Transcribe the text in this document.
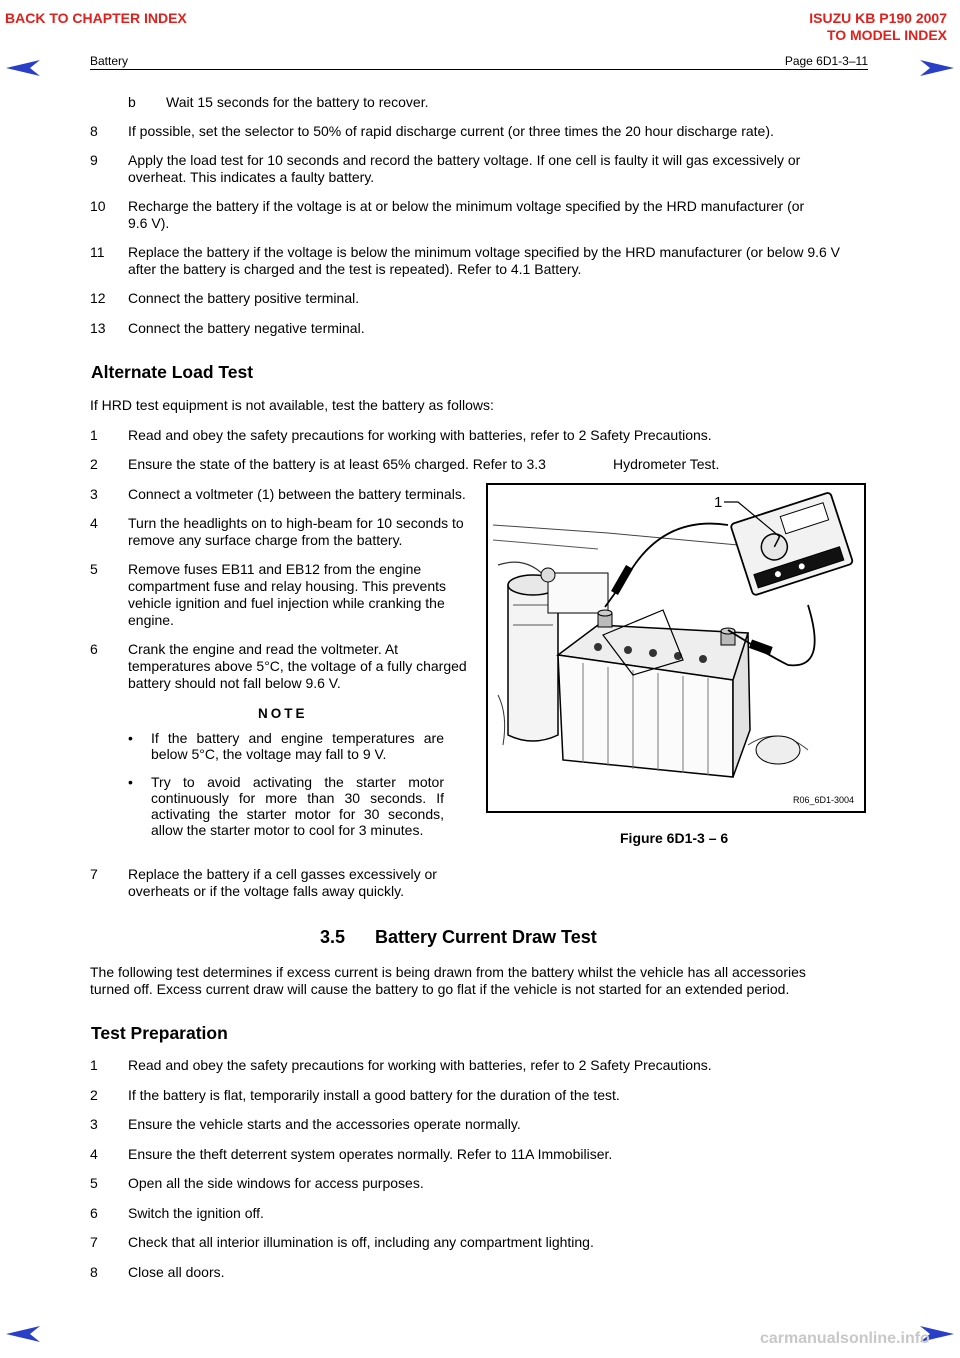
BACK TO CHAPTER INDEX	ISUZU KB P190 2007
TO MODEL INDEX
Battery	Page 6D1-3–11
b Wait 15 seconds for the battery to recover.
8 If possible, set the selector to 50% of rapid discharge current (or three times the 20 hour discharge rate).
9 Apply the load test for 10 seconds and record the battery voltage. If one cell is faulty it will gas excessively or
overheat. This indicates a faulty battery.
10 Recharge the battery if the voltage is at or below the minimum voltage specified by the HRD manufacturer (or
9.6 V).
11 Replace the battery if the voltage is below the minimum voltage specified by the HRD manufacturer (or below 9.6 V
after the battery is charged and the test is repeated). Refer to 4.1 Battery.
12 Connect the battery positive terminal.
13 Connect the battery negative terminal.
Alternate Load Test
If HRD test equipment is not available, test the battery as follows:
1 Read and obey the safety precautions for working with batteries, refer to 2 Safety Precautions.
2 Ensure the state of the battery is at least 65% charged. Refer to 3.3	Hydrometer Test.
3 Connect a voltmeter (1) between the battery terminals.
4 Turn the headlights on to high-beam for 10 seconds to
remove any surface charge from the battery.
5 Remove fuses EB11 and EB12 from the engine
compartment fuse and relay housing. This prevents
vehicle ignition and fuel injection while cranking the
engine.
6 Crank the engine and read the voltmeter. At
temperatures above 5°C, the voltage of a fully charged
battery should not fall below 9.6 V.
NOTE
• If the battery and engine temperatures are
below 5°C, the voltage may fall to 9 V.
• Try to avoid activating the starter motor
continuously for more than 30 seconds. If
activating the starter motor for 30 seconds,
allow the starter motor to cool for 3 minutes.
7 Replace the battery if a cell gasses excessively or
overheats or if the voltage falls away quickly.
1
R06_6D1-3004
Figure 6D1-3 – 6
3.5 Battery Current Draw Test
The following test determines if excess current is being drawn from the battery whilst the vehicle has all accessories
turned off. Excess current draw will cause the battery to go flat if the vehicle is not started for an extended period.
Test Preparation
1 Read and obey the safety precautions for working with batteries, refer to 2 Safety Precautions.
2 If the battery is flat, temporarily install a good battery for the duration of the test.
3 Ensure the vehicle starts and the accessories operate normally.
4 Ensure the theft deterrent system operates normally. Refer to 11A Immobiliser.
5 Open all the side windows for access purposes.
6 Switch the ignition off.
7 Check that all interior illumination is off, including any compartment lighting.
8 Close all doors.
carmanualsonline.info
